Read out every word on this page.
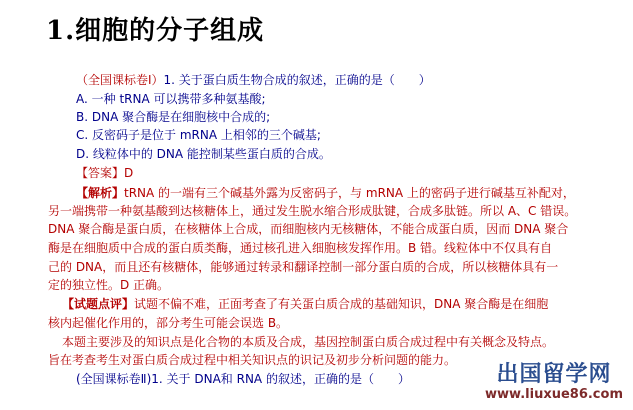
1.细胞的分子组成
（全国课标卷Ⅰ）1. 关于蛋白质生物合成的叙述，正确的是（　　）
A. 一种 tRNA 可以携带多种氨基酸;
B. DNA 聚合酶是在细胞核中合成的;
C. 反密码子是位于 mRNA 上相邻的三个碱基;
D. 线粒体中的 DNA 能控制某些蛋白质的合成。
【答案】D
【解析】tRNA 的一端有三个碱基外露为反密码子，与 mRNA 上的密码子进行碱基互补配对，
另一端携带一种氨基酸到达核糖体上，通过发生脱水缩合形成肽键，合成多肽链。所以 A、C 错误。
DNA 聚合酶是蛋白质，在核糖体上合成，而细胞核内无核糖体，不能合成蛋白质，因而 DNA 聚合
酶是在细胞质中合成的蛋白质类酶，通过核孔进入细胞核发挥作用。B 错。线粒体中不仅具有自
己的 DNA，而且还有核糖体，能够通过转录和翻译控制一部分蛋白质的合成，所以核糖体具有一
定的独立性。D 正确。
【试题点评】试题不偏不难，正面考查了有关蛋白质合成的基础知识，DNA 聚合酶是在细胞
核内起催化作用的，部分考生可能会误选 B。
本题主要涉及的知识点是化合物的本质及合成，基因控制蛋白质合成过程中有关概念及特点。
旨在考查考生对蛋白质合成过程中相关知识点的识记及初步分析问题的能力。
(全国课标卷Ⅱ)1. 关于 DNA和 RNA 的叙述，正确的是（　　）	出国留学网
www.liuxue86.com
